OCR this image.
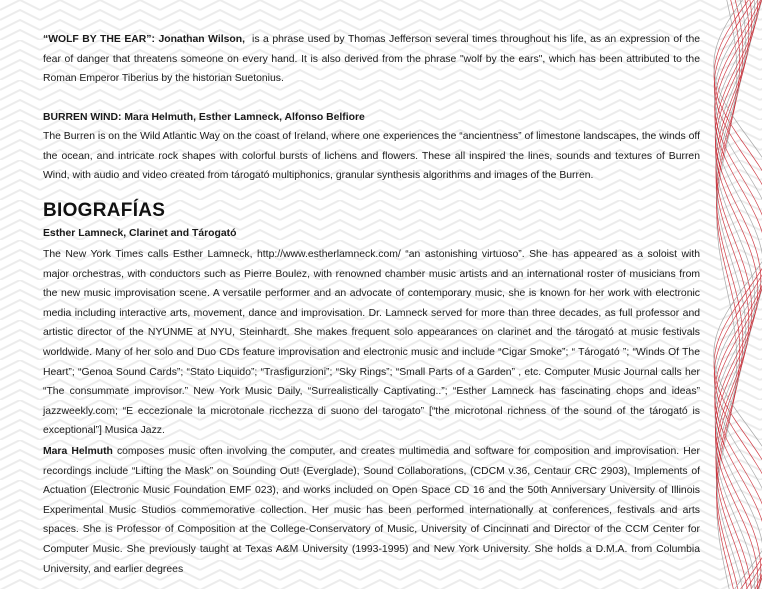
“WOLF BY THE EAR”: Jonathan Wilson, is a phrase used by Thomas Jefferson several times throughout his life, as an expression of the fear of danger that threatens someone on every hand. It is also derived from the phrase "wolf by the ears", which has been attributed to the Roman Emperor Tiberius by the historian Suetonius.

BURREN WIND: Mara Helmuth, Esther Lamneck, Alfonso Belfiore

The Burren is on the Wild Atlantic Way on the coast of Ireland, where one experiences the “ancientness” of limestone landscapes, the winds off the ocean, and intricate rock shapes with colorful bursts of lichens and flowers. These all inspired the lines, sounds and textures of Burren Wind, with audio and video created from tárogató multiphonics, granular synthesis algorithms and images of the Burren.

BIOGRAFÍAS
Esther Lamneck, Clarinet and Tárogató

The New York Times calls Esther Lamneck, http://www.estherlamneck.com/ “an astonishing virtuoso”. She has appeared as a soloist with major orchestras, with conductors such as Pierre Boulez, with renowned chamber music artists and an international roster of musicians from the new music improvisation scene. A versatile performer and an advocate of contemporary music, she is known for her work with electronic media including interactive arts, movement, dance and improvisation. Dr. Lamneck served for more than three decades, as full professor and artistic director of the NYUNME at NYU, Steinhardt. She makes frequent solo appearances on clarinet and the tárogató at music festivals worldwide. Many of her solo and Duo CDs feature improvisation and electronic music and include “Cigar Smoke”; “ Tárogató ”; “Winds Of The Heart”; “Genoa Sound Cards”; “Stato Liquido”; “Trasfigurzioni”; “Sky Rings”; “Small Parts of a Garden” , etc. Computer Music Journal calls her “The consummate improvisor.” New York Music Daily, “Surrealistically Captivating..”; “Esther Lamneck has fascinating chops and ideas” jazzweekly.com; “E eccezionale la microtonale ricchezza di suono del tarogato” [“the microtonal richness of the sound of the tárogató is exceptional”] Musica Jazz.

Mara Helmuth composes music often involving the computer, and creates multimedia and software for composition and improvisation. Her recordings include “Lifting the Mask” on Sounding Out! (Everglade), Sound Collaborations, (CDCM v.36, Centaur CRC 2903), Implements of Actuation (Electronic Music Foundation EMF 023), and works included on Open Space CD 16 and the 50th Anniversary University of Illinois Experimental Music Studios commemorative collection. Her music has been performed internationally at conferences, festivals and arts spaces. She is Professor of Composition at the College-Conservatory of Music, University of Cincinnati and Director of the CCM Center for Computer Music. She previously taught at Texas A&M University (1993-1995) and New York University. She holds a D.M.A. from Columbia University, and earlier degrees
